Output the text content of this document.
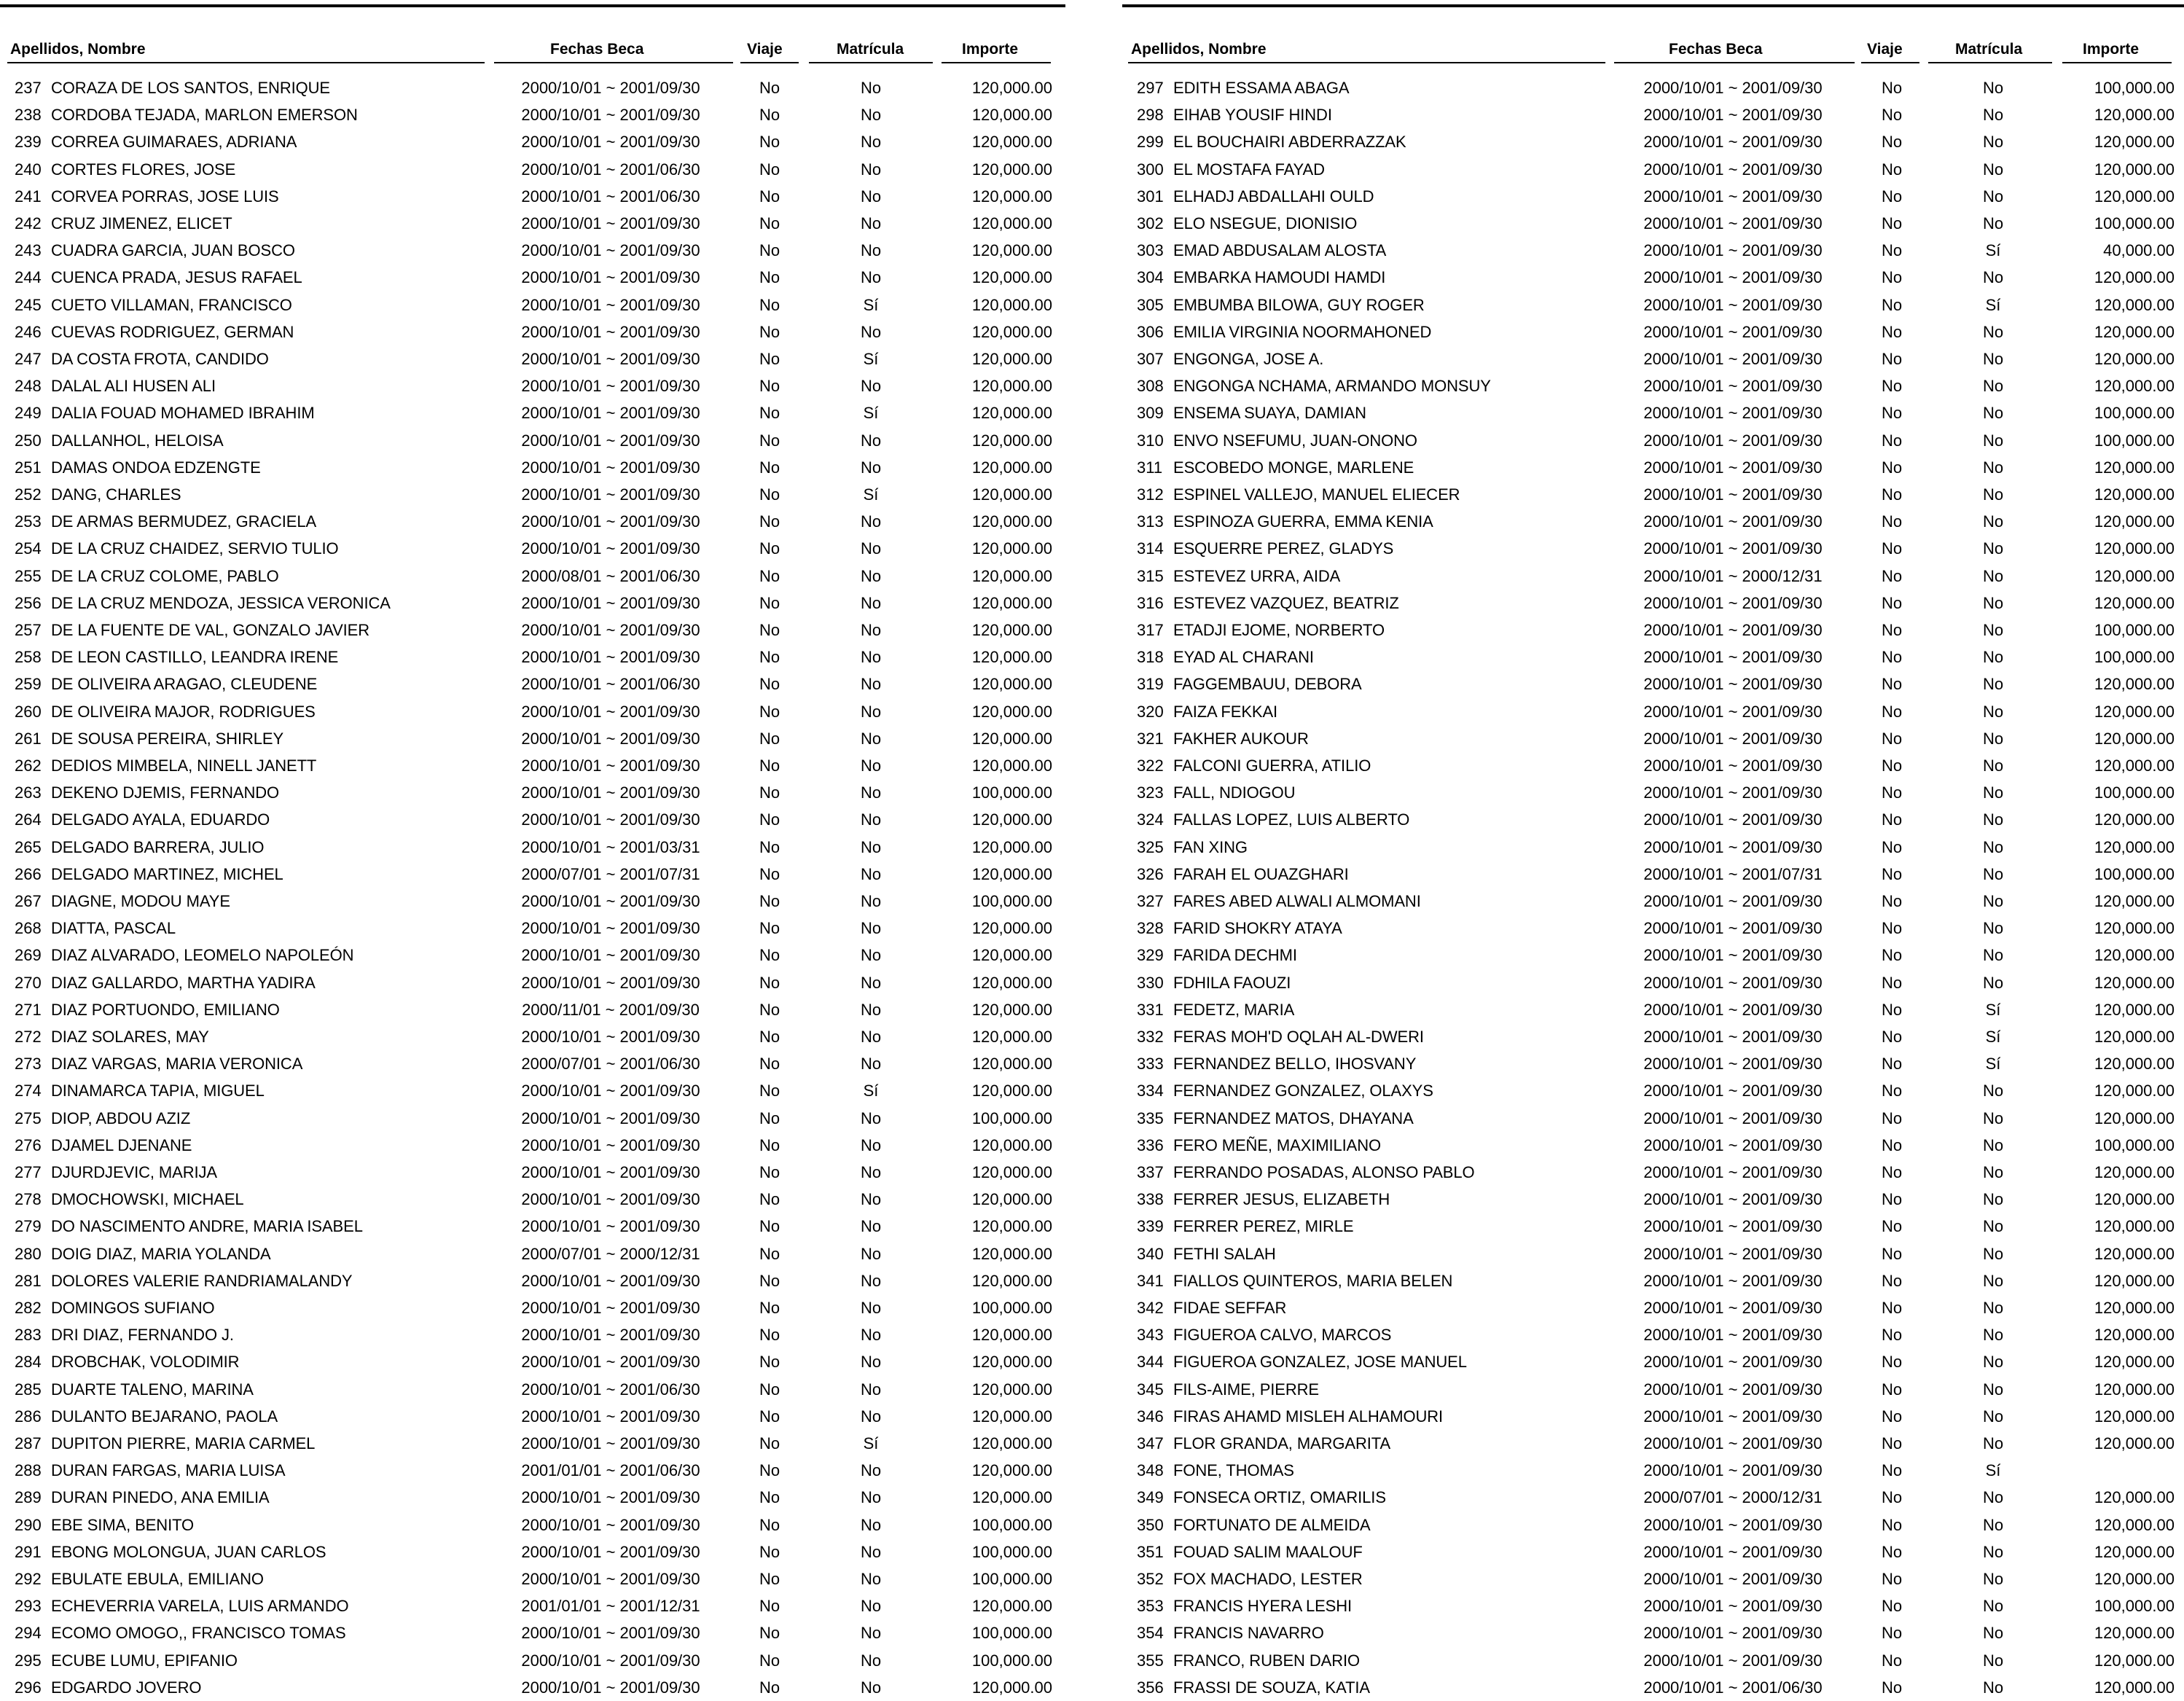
Apellidos, Nombre	Fechas Beca	Viaje	Matrícula	Importe
237 CORAZA DE LOS SANTOS, ENRIQUE	2000/10/01 ~ 2001/09/30	No	No	120,000.00
238 CORDOBA TEJADA, MARLON EMERSON	2000/10/01 ~ 2001/09/30	No	No	120,000.00
239 CORREA GUIMARAES, ADRIANA	2000/10/01 ~ 2001/09/30	No	No	120,000.00
240 CORTES FLORES, JOSE	2000/10/01 ~ 2001/06/30	No	No	120,000.00
241 CORVEA PORRAS, JOSE LUIS	2000/10/01 ~ 2001/06/30	No	No	120,000.00
242 CRUZ JIMENEZ, ELICET	2000/10/01 ~ 2001/09/30	No	No	120,000.00
243 CUADRA GARCIA, JUAN BOSCO	2000/10/01 ~ 2001/09/30	No	No	120,000.00
244 CUENCA PRADA, JESUS RAFAEL	2000/10/01 ~ 2001/09/30	No	No	120,000.00
245 CUETO VILLAMAN, FRANCISCO	2000/10/01 ~ 2001/09/30	No	Sí	120,000.00
246 CUEVAS RODRIGUEZ, GERMAN	2000/10/01 ~ 2001/09/30	No	No	120,000.00
247 DA COSTA FROTA, CANDIDO	2000/10/01 ~ 2001/09/30	No	Sí	120,000.00
248 DALAL ALI HUSEN ALI	2000/10/01 ~ 2001/09/30	No	No	120,000.00
249 DALIA FOUAD MOHAMED IBRAHIM	2000/10/01 ~ 2001/09/30	No	Sí	120,000.00
250 DALLANHOL, HELOISA	2000/10/01 ~ 2001/09/30	No	No	120,000.00
251 DAMAS ONDOA EDZENGTE	2000/10/01 ~ 2001/09/30	No	No	120,000.00
252 DANG, CHARLES	2000/10/01 ~ 2001/09/30	No	Sí	120,000.00
253 DE ARMAS BERMUDEZ, GRACIELA	2000/10/01 ~ 2001/09/30	No	No	120,000.00
254 DE LA CRUZ CHAIDEZ, SERVIO TULIO	2000/10/01 ~ 2001/09/30	No	No	120,000.00
255 DE LA CRUZ COLOME, PABLO	2000/08/01 ~ 2001/06/30	No	No	120,000.00
256 DE LA CRUZ MENDOZA, JESSICA VERONICA	2000/10/01 ~ 2001/09/30	No	No	120,000.00
257 DE LA FUENTE DE VAL, GONZALO JAVIER	2000/10/01 ~ 2001/09/30	No	No	120,000.00
258 DE LEON CASTILLO, LEANDRA IRENE	2000/10/01 ~ 2001/09/30	No	No	120,000.00
259 DE OLIVEIRA ARAGAO, CLEUDENE	2000/10/01 ~ 2001/06/30	No	No	120,000.00
260 DE OLIVEIRA MAJOR, RODRIGUES	2000/10/01 ~ 2001/09/30	No	No	120,000.00
261 DE SOUSA PEREIRA, SHIRLEY	2000/10/01 ~ 2001/09/30	No	No	120,000.00
262 DEDIOS MIMBELA, NINELL JANETT	2000/10/01 ~ 2001/09/30	No	No	120,000.00
263 DEKENO DJEMIS, FERNANDO	2000/10/01 ~ 2001/09/30	No	No	100,000.00
264 DELGADO AYALA, EDUARDO	2000/10/01 ~ 2001/09/30	No	No	120,000.00
265 DELGADO BARRERA, JULIO	2000/10/01 ~ 2001/03/31	No	No	120,000.00
266 DELGADO MARTINEZ, MICHEL	2000/07/01 ~ 2001/07/31	No	No	120,000.00
267 DIAGNE, MODOU MAYE	2000/10/01 ~ 2001/09/30	No	No	100,000.00
268 DIATTA, PASCAL	2000/10/01 ~ 2001/09/30	No	No	120,000.00
269 DIAZ ALVARADO, LEOMELO NAPOLEÓN	2000/10/01 ~ 2001/09/30	No	No	120,000.00
270 DIAZ GALLARDO, MARTHA YADIRA	2000/10/01 ~ 2001/09/30	No	No	120,000.00
271 DIAZ PORTUONDO, EMILIANO	2000/11/01 ~ 2001/09/30	No	No	120,000.00
272 DIAZ SOLARES, MAY	2000/10/01 ~ 2001/09/30	No	No	120,000.00
273 DIAZ VARGAS, MARIA VERONICA	2000/07/01 ~ 2001/06/30	No	No	120,000.00
274 DINAMARCA TAPIA, MIGUEL	2000/10/01 ~ 2001/09/30	No	Sí	120,000.00
275 DIOP, ABDOU AZIZ	2000/10/01 ~ 2001/09/30	No	No	100,000.00
276 DJAMEL DJENANE	2000/10/01 ~ 2001/09/30	No	No	120,000.00
277 DJURDJEVIC, MARIJA	2000/10/01 ~ 2001/09/30	No	No	120,000.00
278 DMOCHOWSKI, MICHAEL	2000/10/01 ~ 2001/09/30	No	No	120,000.00
279 DO NASCIMENTO ANDRE, MARIA ISABEL	2000/10/01 ~ 2001/09/30	No	No	120,000.00
280 DOIG DIAZ, MARIA YOLANDA	2000/07/01 ~ 2000/12/31	No	No	120,000.00
281 DOLORES VALERIE RANDRIAMALANDY	2000/10/01 ~ 2001/09/30	No	No	120,000.00
282 DOMINGOS SUFIANO	2000/10/01 ~ 2001/09/30	No	No	100,000.00
283 DRI DIAZ, FERNANDO J.	2000/10/01 ~ 2001/09/30	No	No	120,000.00
284 DROBCHAK, VOLODIMIR	2000/10/01 ~ 2001/09/30	No	No	120,000.00
285 DUARTE TALENO, MARINA	2000/10/01 ~ 2001/06/30	No	No	120,000.00
286 DULANTO BEJARANO, PAOLA	2000/10/01 ~ 2001/09/30	No	No	120,000.00
287 DUPITON PIERRE, MARIA CARMEL	2000/10/01 ~ 2001/09/30	No	Sí	120,000.00
288 DURAN FARGAS, MARIA LUISA	2001/01/01 ~ 2001/06/30	No	No	120,000.00
289 DURAN PINEDO, ANA EMILIA	2000/10/01 ~ 2001/09/30	No	No	120,000.00
290 EBE SIMA, BENITO	2000/10/01 ~ 2001/09/30	No	No	100,000.00
291 EBONG MOLONGUA, JUAN CARLOS	2000/10/01 ~ 2001/09/30	No	No	100,000.00
292 EBULATE EBULA, EMILIANO	2000/10/01 ~ 2001/09/30	No	No	100,000.00
293 ECHEVERRIA VARELA, LUIS ARMANDO	2001/01/01 ~ 2001/12/31	No	No	120,000.00
294 ECOMO OMOGO,, FRANCISCO TOMAS	2000/10/01 ~ 2001/09/30	No	No	100,000.00
295 ECUBE LUMU, EPIFANIO	2000/10/01 ~ 2001/09/30	No	No	100,000.00
296 EDGARDO JOVERO	2000/10/01 ~ 2001/09/30	No	No	120,000.00
Apellidos, Nombre	Fechas Beca	Viaje	Matrícula	Importe
297 EDITH ESSAMA ABAGA	2000/10/01 ~ 2001/09/30	No	No	100,000.00
298 EIHAB YOUSIF HINDI	2000/10/01 ~ 2001/09/30	No	No	120,000.00
299 EL BOUCHAIRI ABDERRAZZAK	2000/10/01 ~ 2001/09/30	No	No	120,000.00
300 EL MOSTAFA FAYAD	2000/10/01 ~ 2001/09/30	No	No	120,000.00
301 ELHADJ ABDALLAHI OULD	2000/10/01 ~ 2001/09/30	No	No	120,000.00
302 ELO NSEGUE, DIONISIO	2000/10/01 ~ 2001/09/30	No	No	100,000.00
303 EMAD ABDUSALAM ALOSTA	2000/10/01 ~ 2001/09/30	No	Sí	40,000.00
304 EMBARKA HAMOUDI HAMDI	2000/10/01 ~ 2001/09/30	No	No	120,000.00
305 EMBUMBA BILOWA, GUY ROGER	2000/10/01 ~ 2001/09/30	No	Sí	120,000.00
306 EMILIA VIRGINIA NOORMAHONED	2000/10/01 ~ 2001/09/30	No	No	120,000.00
307 ENGONGA, JOSE A.	2000/10/01 ~ 2001/09/30	No	No	120,000.00
308 ENGONGA NCHAMA, ARMANDO MONSUY	2000/10/01 ~ 2001/09/30	No	No	120,000.00
309 ENSEMA SUAYA, DAMIAN	2000/10/01 ~ 2001/09/30	No	No	100,000.00
310 ENVO NSEFUMU, JUAN-ONONO	2000/10/01 ~ 2001/09/30	No	No	100,000.00
311 ESCOBEDO MONGE, MARLENE	2000/10/01 ~ 2001/09/30	No	No	120,000.00
312 ESPINEL VALLEJO, MANUEL ELIECER	2000/10/01 ~ 2001/09/30	No	No	120,000.00
313 ESPINOZA GUERRA, EMMA KENIA	2000/10/01 ~ 2001/09/30	No	No	120,000.00
314 ESQUERRE PEREZ, GLADYS	2000/10/01 ~ 2001/09/30	No	No	120,000.00
315 ESTEVEZ URRA, AIDA	2000/10/01 ~ 2000/12/31	No	No	120,000.00
316 ESTEVEZ VAZQUEZ, BEATRIZ	2000/10/01 ~ 2001/09/30	No	No	120,000.00
317 ETADJI EJOME, NORBERTO	2000/10/01 ~ 2001/09/30	No	No	100,000.00
318 EYAD AL CHARANI	2000/10/01 ~ 2001/09/30	No	No	100,000.00
319 FAGGEMBAUU, DEBORA	2000/10/01 ~ 2001/09/30	No	No	120,000.00
320 FAIZA FEKKAI	2000/10/01 ~ 2001/09/30	No	No	120,000.00
321 FAKHER AUKOUR	2000/10/01 ~ 2001/09/30	No	No	120,000.00
322 FALCONI GUERRA, ATILIO	2000/10/01 ~ 2001/09/30	No	No	120,000.00
323 FALL, NDIOGOU	2000/10/01 ~ 2001/09/30	No	No	100,000.00
324 FALLAS LOPEZ, LUIS ALBERTO	2000/10/01 ~ 2001/09/30	No	No	120,000.00
325 FAN XING	2000/10/01 ~ 2001/09/30	No	No	120,000.00
326 FARAH EL OUAZGHARI	2000/10/01 ~ 2001/07/31	No	No	100,000.00
327 FARES ABED ALWALI ALMOMANI	2000/10/01 ~ 2001/09/30	No	No	120,000.00
328 FARID SHOKRY ATAYA	2000/10/01 ~ 2001/09/30	No	No	120,000.00
329 FARIDA DECHMI	2000/10/01 ~ 2001/09/30	No	No	120,000.00
330 FDHILA FAOUZI	2000/10/01 ~ 2001/09/30	No	No	120,000.00
331 FEDETZ, MARIA	2000/10/01 ~ 2001/09/30	No	Sí	120,000.00
332 FERAS MOH'D OQLAH AL-DWERI	2000/10/01 ~ 2001/09/30	No	Sí	120,000.00
333 FERNANDEZ BELLO, IHOSVANY	2000/10/01 ~ 2001/09/30	No	Sí	120,000.00
334 FERNANDEZ GONZALEZ, OLAXYS	2000/10/01 ~ 2001/09/30	No	No	120,000.00
335 FERNANDEZ MATOS, DHAYANA	2000/10/01 ~ 2001/09/30	No	No	120,000.00
336 FERO MEÑE, MAXIMILIANO	2000/10/01 ~ 2001/09/30	No	No	100,000.00
337 FERRANDO POSADAS, ALONSO PABLO	2000/10/01 ~ 2001/09/30	No	No	120,000.00
338 FERRER JESUS, ELIZABETH	2000/10/01 ~ 2001/09/30	No	No	120,000.00
339 FERRER PEREZ, MIRLE	2000/10/01 ~ 2001/09/30	No	No	120,000.00
340 FETHI SALAH	2000/10/01 ~ 2001/09/30	No	No	120,000.00
341 FIALLOS QUINTEROS, MARIA BELEN	2000/10/01 ~ 2001/09/30	No	No	120,000.00
342 FIDAE SEFFAR	2000/10/01 ~ 2001/09/30	No	No	120,000.00
343 FIGUEROA CALVO, MARCOS	2000/10/01 ~ 2001/09/30	No	No	120,000.00
344 FIGUEROA GONZALEZ, JOSE MANUEL	2000/10/01 ~ 2001/09/30	No	No	120,000.00
345 FILS-AIME, PIERRE	2000/10/01 ~ 2001/09/30	No	No	120,000.00
346 FIRAS AHAMD MISLEH ALHAMOURI	2000/10/01 ~ 2001/09/30	No	No	120,000.00
347 FLOR GRANDA, MARGARITA	2000/10/01 ~ 2001/09/30	No	No	120,000.00
348 FONE, THOMAS	2000/10/01 ~ 2001/09/30	No	Sí
349 FONSECA ORTIZ, OMARILIS	2000/07/01 ~ 2000/12/31	No	No	120,000.00
350 FORTUNATO DE ALMEIDA	2000/10/01 ~ 2001/09/30	No	No	120,000.00
351 FOUAD SALIM MAALOUF	2000/10/01 ~ 2001/09/30	No	No	120,000.00
352 FOX MACHADO, LESTER	2000/10/01 ~ 2001/09/30	No	No	120,000.00
353 FRANCIS HYERA LESHI	2000/10/01 ~ 2001/09/30	No	No	100,000.00
354 FRANCIS NAVARRO	2000/10/01 ~ 2001/09/30	No	No	120,000.00
355 FRANCO, RUBEN DARIO	2000/10/01 ~ 2001/09/30	No	No	120,000.00
356 FRASSI DE SOUZA, KATIA	2000/10/01 ~ 2001/06/30	No	No	120,000.00
